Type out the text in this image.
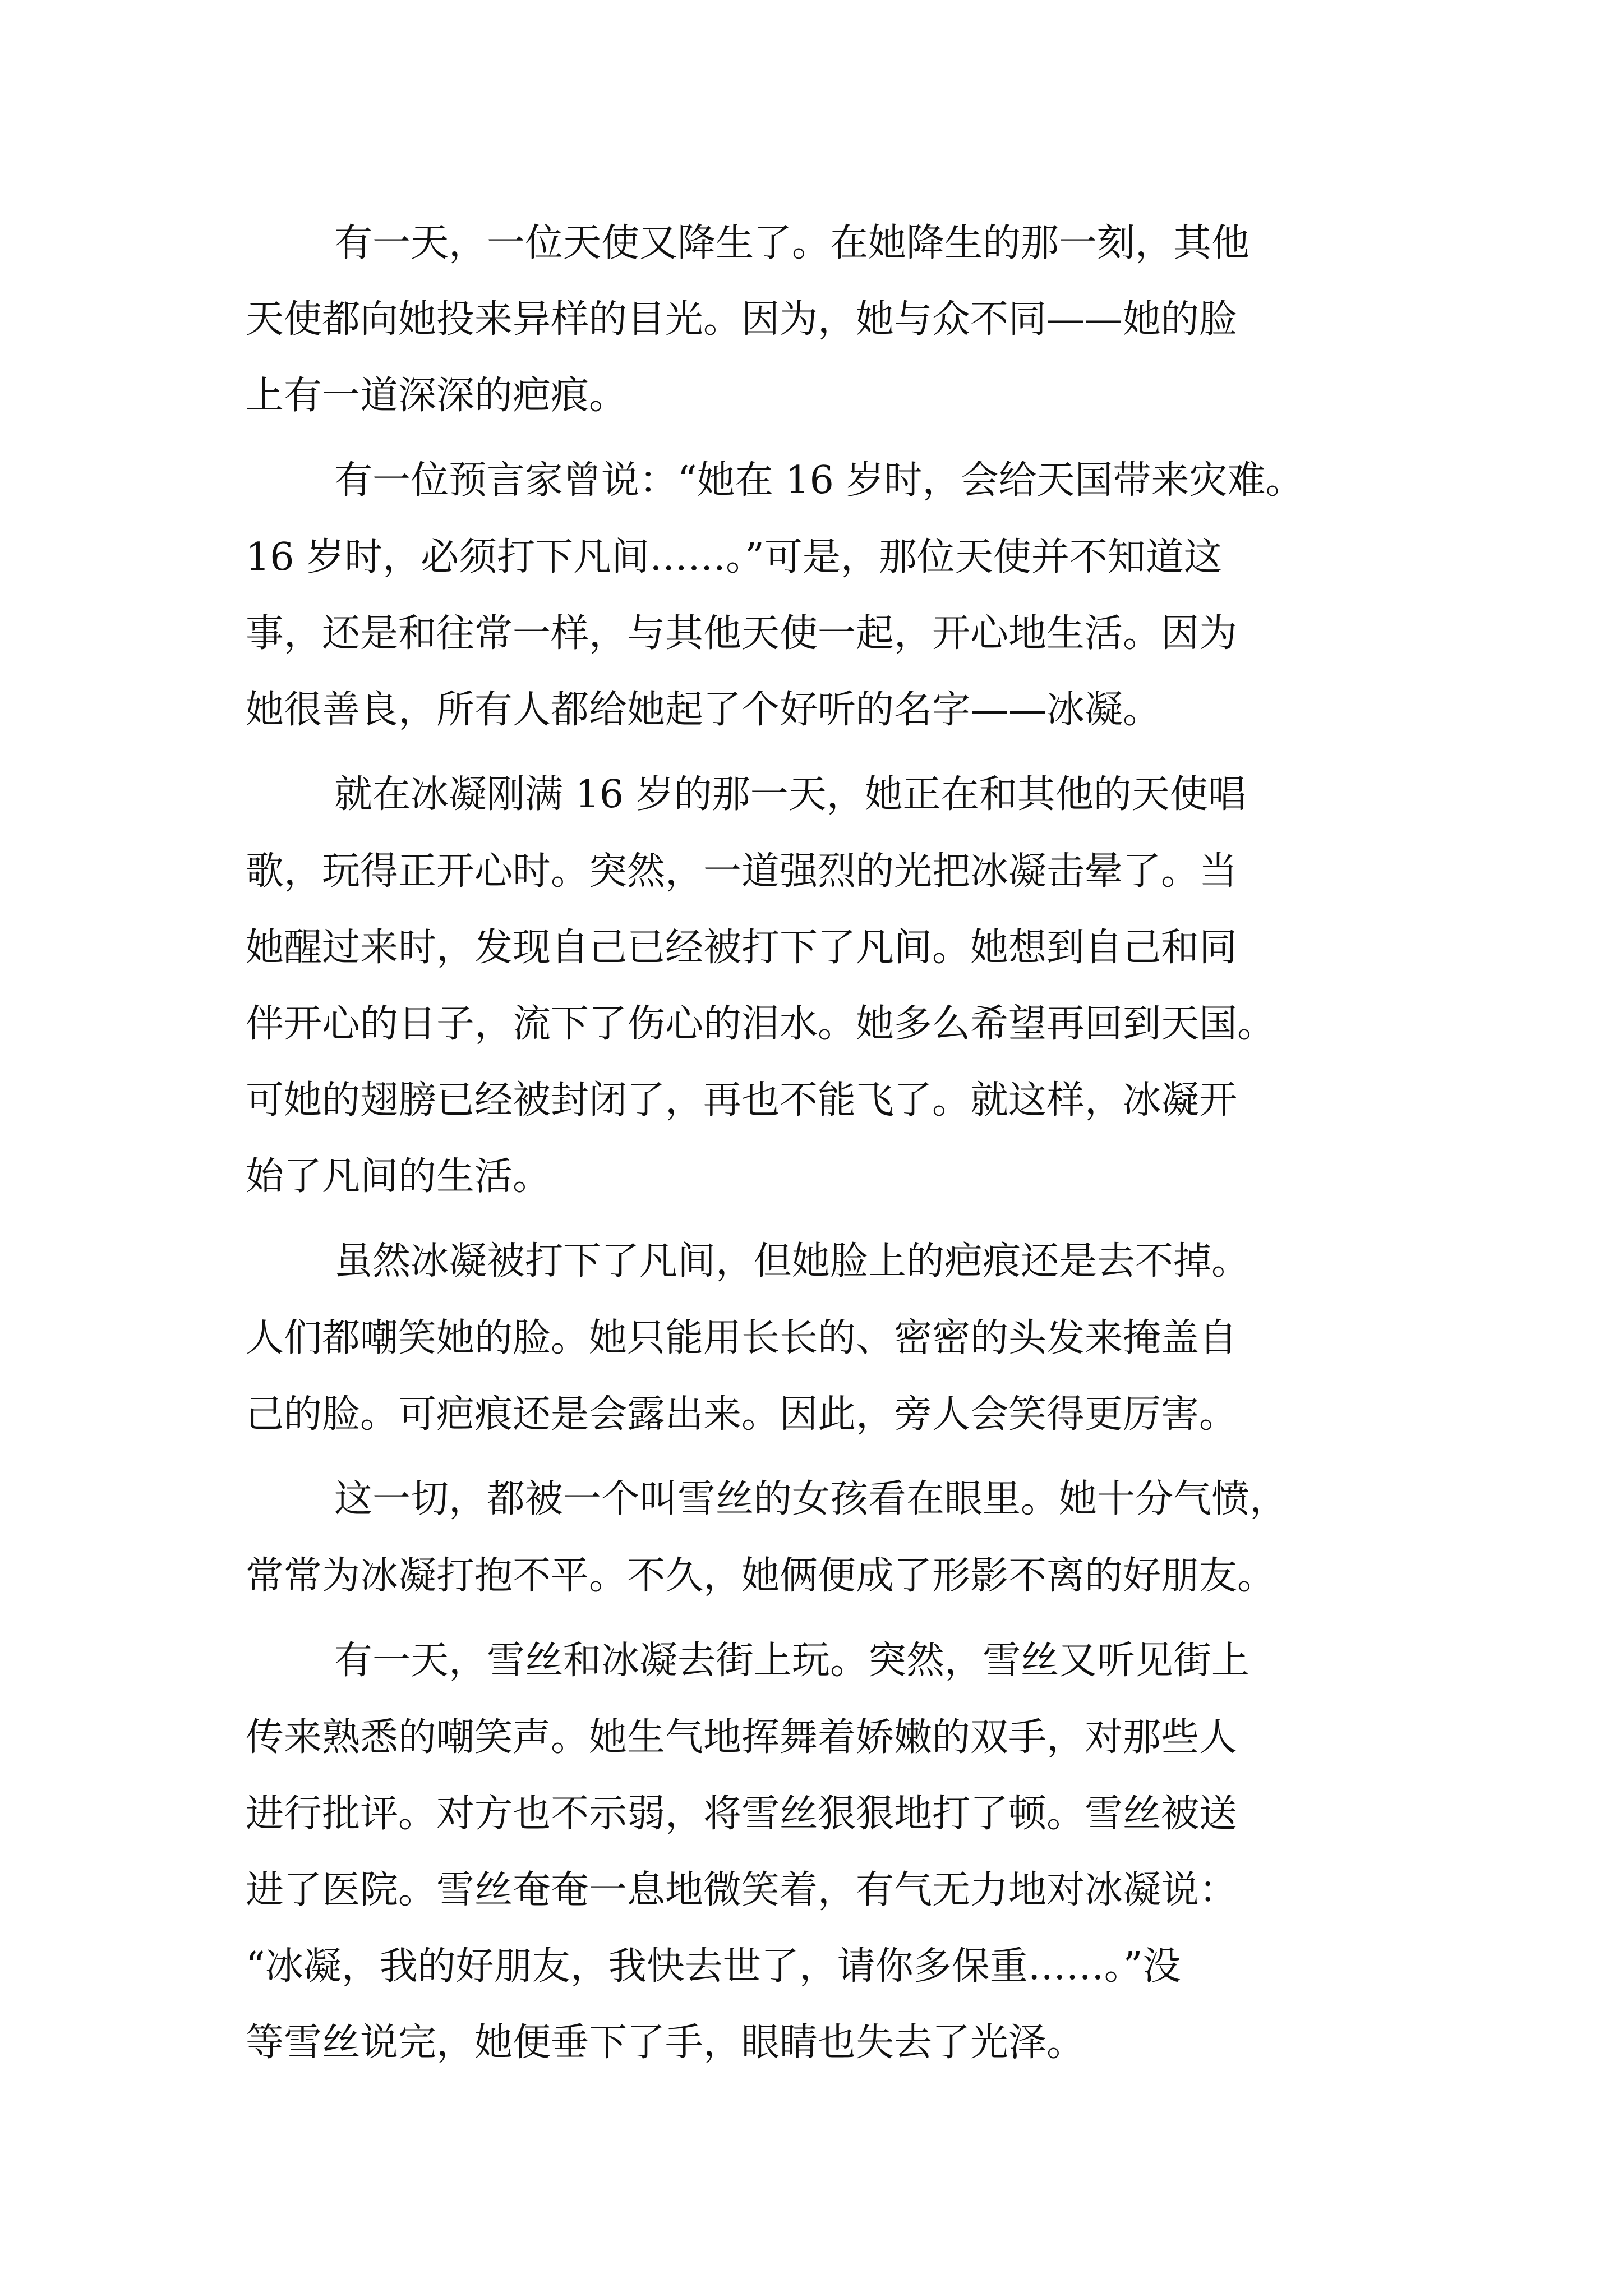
有一天，一位天使又降生了。在她降生的那一刻，其他
天使都向她投来异样的目光。因为，她与众不同——她的脸
上有一道深深的疤痕。
有一位预言家曾说：“她在 16 岁时，会给天国带来灾难。
16 岁时，必须打下凡间……。”可是，那位天使并不知道这
事，还是和往常一样，与其他天使一起，开心地生活。因为
她很善良，所有人都给她起了个好听的名字——冰凝。
就在冰凝刚满 16 岁的那一天，她正在和其他的天使唱
歌，玩得正开心时。突然，一道强烈的光把冰凝击晕了。当
她醒过来时，发现自己已经被打下了凡间。她想到自己和同
伴开心的日子，流下了伤心的泪水。她多么希望再回到天国。
可她的翅膀已经被封闭了，再也不能飞了。就这样，冰凝开
始了凡间的生活。
虽然冰凝被打下了凡间，但她脸上的疤痕还是去不掉。
人们都嘲笑她的脸。她只能用长长的、密密的头发来掩盖自
己的脸。可疤痕还是会露出来。因此，旁人会笑得更厉害。
这一切，都被一个叫雪丝的女孩看在眼里。她十分气愤，
常常为冰凝打抱不平。不久，她俩便成了形影不离的好朋友。
有一天，雪丝和冰凝去街上玩。突然，雪丝又听见街上
传来熟悉的嘲笑声。她生气地挥舞着娇嫩的双手，对那些人
进行批评。对方也不示弱，将雪丝狠狠地打了顿。雪丝被送
进了医院。雪丝奄奄一息地微笑着，有气无力地对冰凝说：
“冰凝，我的好朋友，我快去世了，请你多保重……。”没
等雪丝说完，她便垂下了手，眼睛也失去了光泽。
